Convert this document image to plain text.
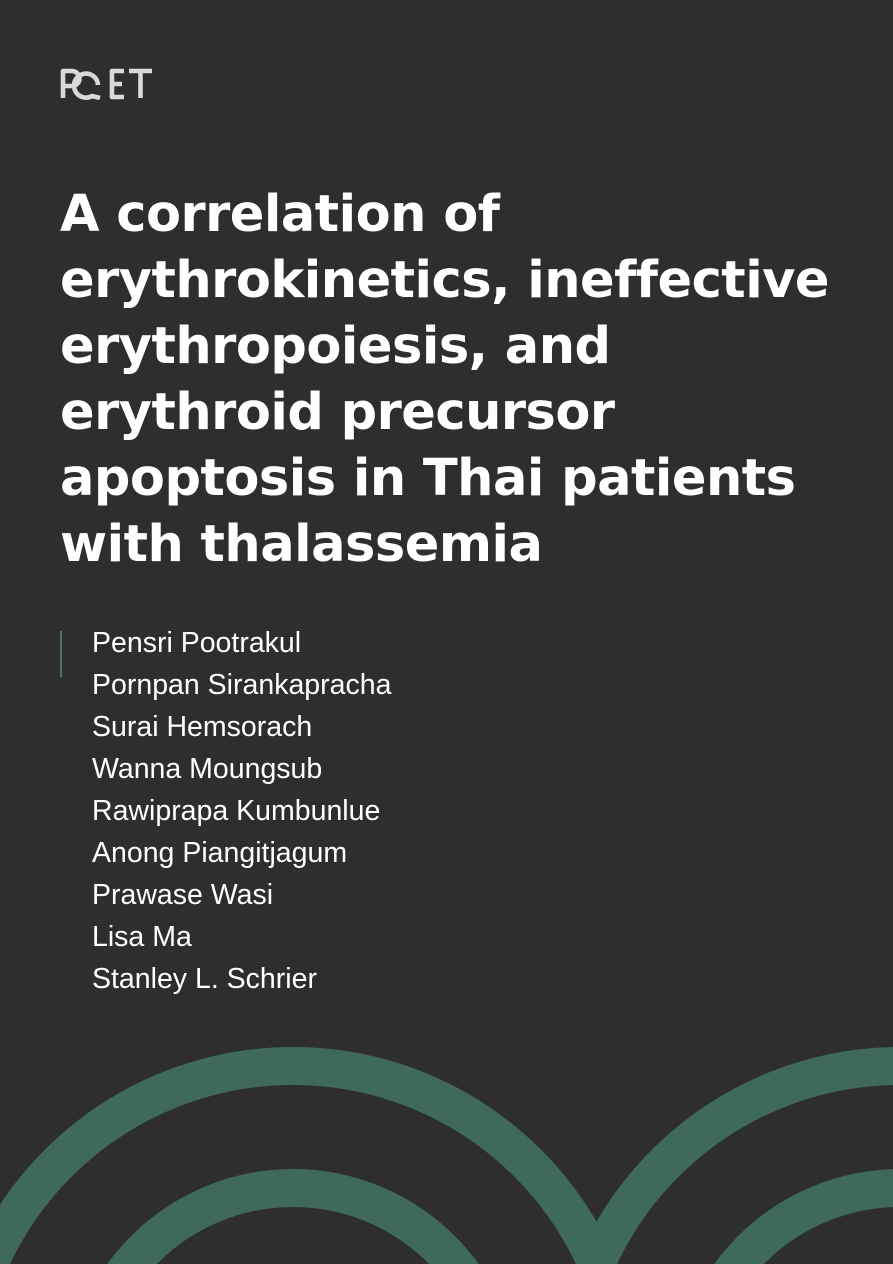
A correlation of erythrokinetics, ineffective erythropoiesis, and erythroid precursor apoptosis in Thai patients with thalassemia
Pensri Pootrakul
Pornpan Sirankapracha
Surai Hemsorach
Wanna Moungsub
Rawiprapa Kumbunlue
Anong Piangitjagum
Prawase Wasi
Lisa Ma
Stanley L. Schrier
